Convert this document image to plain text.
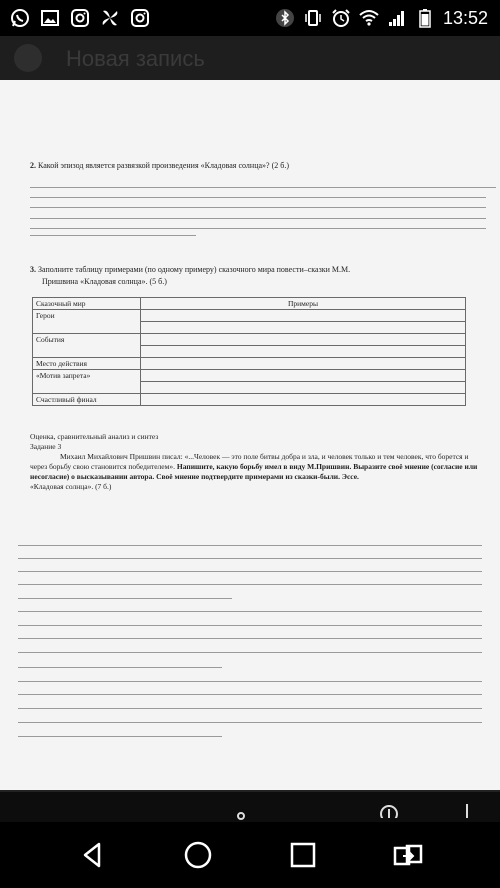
13:52
Новая запись
2. Какой эпизод является развязкой произведения «Кладовая солнца»? (2 б.)
3. Заполните таблицу примерами (по одному примеру) сказочного мира повести–сказки М.М.
Пришвина «Кладовая солнца». (5 б.)
Сказочный мир	Примеры
Герои	

События	

Место действия	
«Мотив запрета»	

Счастливый финал	
Оценка, сравнительный анализ и синтез
Задание 3
Михаил Михайлович Пришвин писал: «...Человек — это поле битвы добра и зла, и человек только и тем человек, что борется и через борьбу свою становится победителем». Напишите, какую борьбу имел в виду М.Пришвин. Выразите своё мнение (согласие или несогласие) о высказывании автора. Своё мнение подтвердите примерами из сказки-были. Эссе.
«Кладовая солнца». (7 б.)
